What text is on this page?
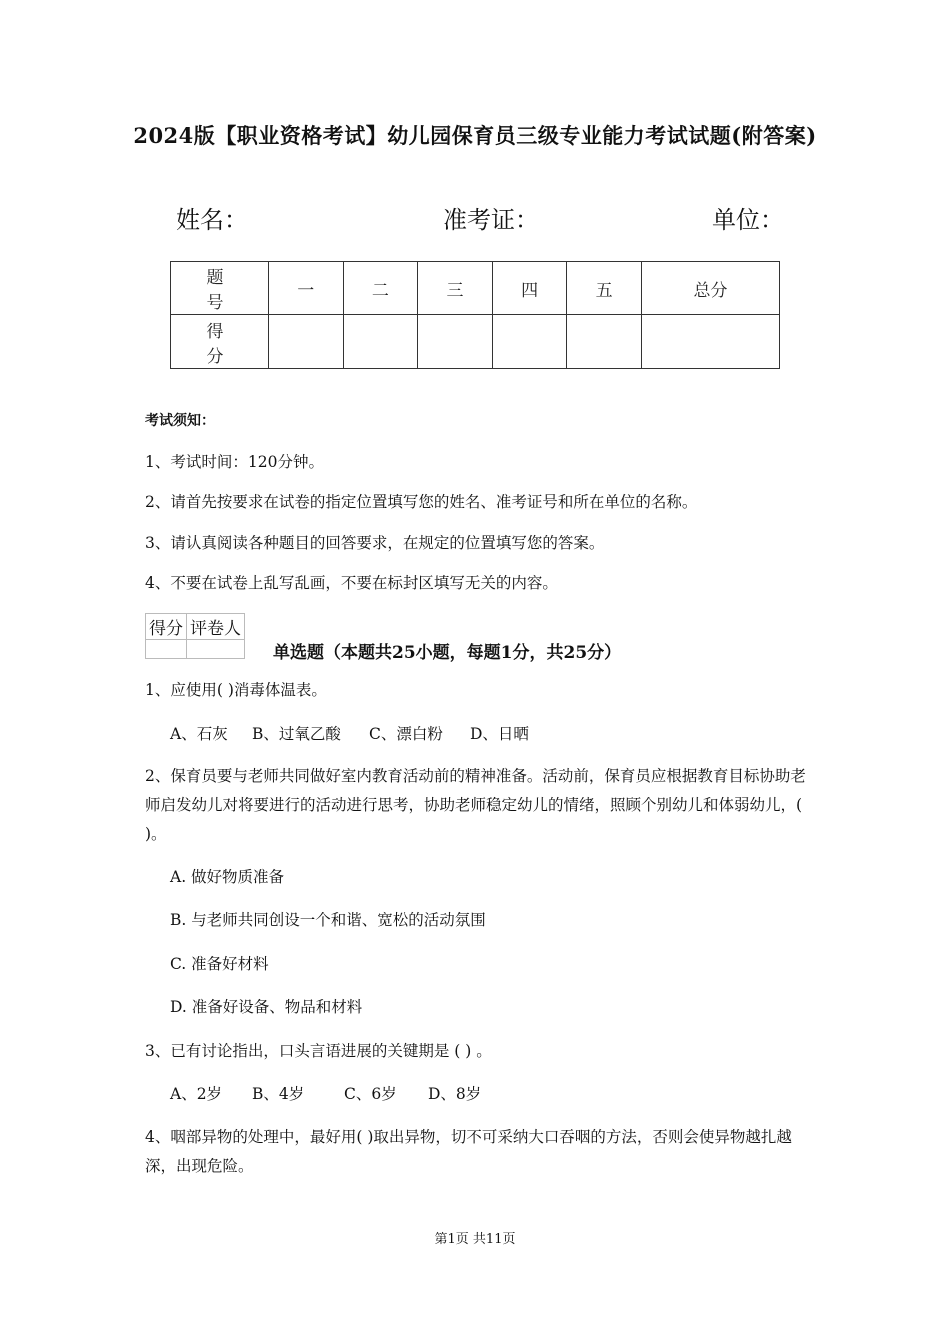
2024版【职业资格考试】幼儿园保育员三级专业能力考试试题(附答案)
姓名：	准考证：	单位：
题 号	一	二	三	四	五	总分
得 分						
考试须知：
1、考试时间：120分钟。
2、请首先按要求在试卷的指定位置填写您的姓名、准考证号和所在单位的名称。
3、请认真阅读各种题目的回答要求，在规定的位置填写您的答案。
4、不要在试卷上乱写乱画，不要在标封区填写无关的内容。
得分	评卷人

单选题（本题共25小题，每题1分，共25分）
1、应使用( )消毒体温表。
A、石灰 B、过氧乙酸 C、漂白粉 D、日晒
2、保育员要与老师共同做好室内教育活动前的精神准备。活动前，保育员应根据教育目标协助老师启发幼儿对将要进行的活动进行思考，协助老师稳定幼儿的情绪，照顾个别幼儿和体弱幼儿，( )。
A. 做好物质准备
B. 与老师共同创设一个和谐、宽松的活动氛围
C. 准备好材料
D. 准备好设备、物品和材料
3、已有讨论指出，口头言语进展的关键期是 ( ) 。
A、2岁 B、4岁	C、6岁 D、8岁
4、咽部异物的处理中，最好用( )取出异物，切不可采纳大口吞咽的方法，否则会使异物越扎越深，出现危险。
第1页 共11页
